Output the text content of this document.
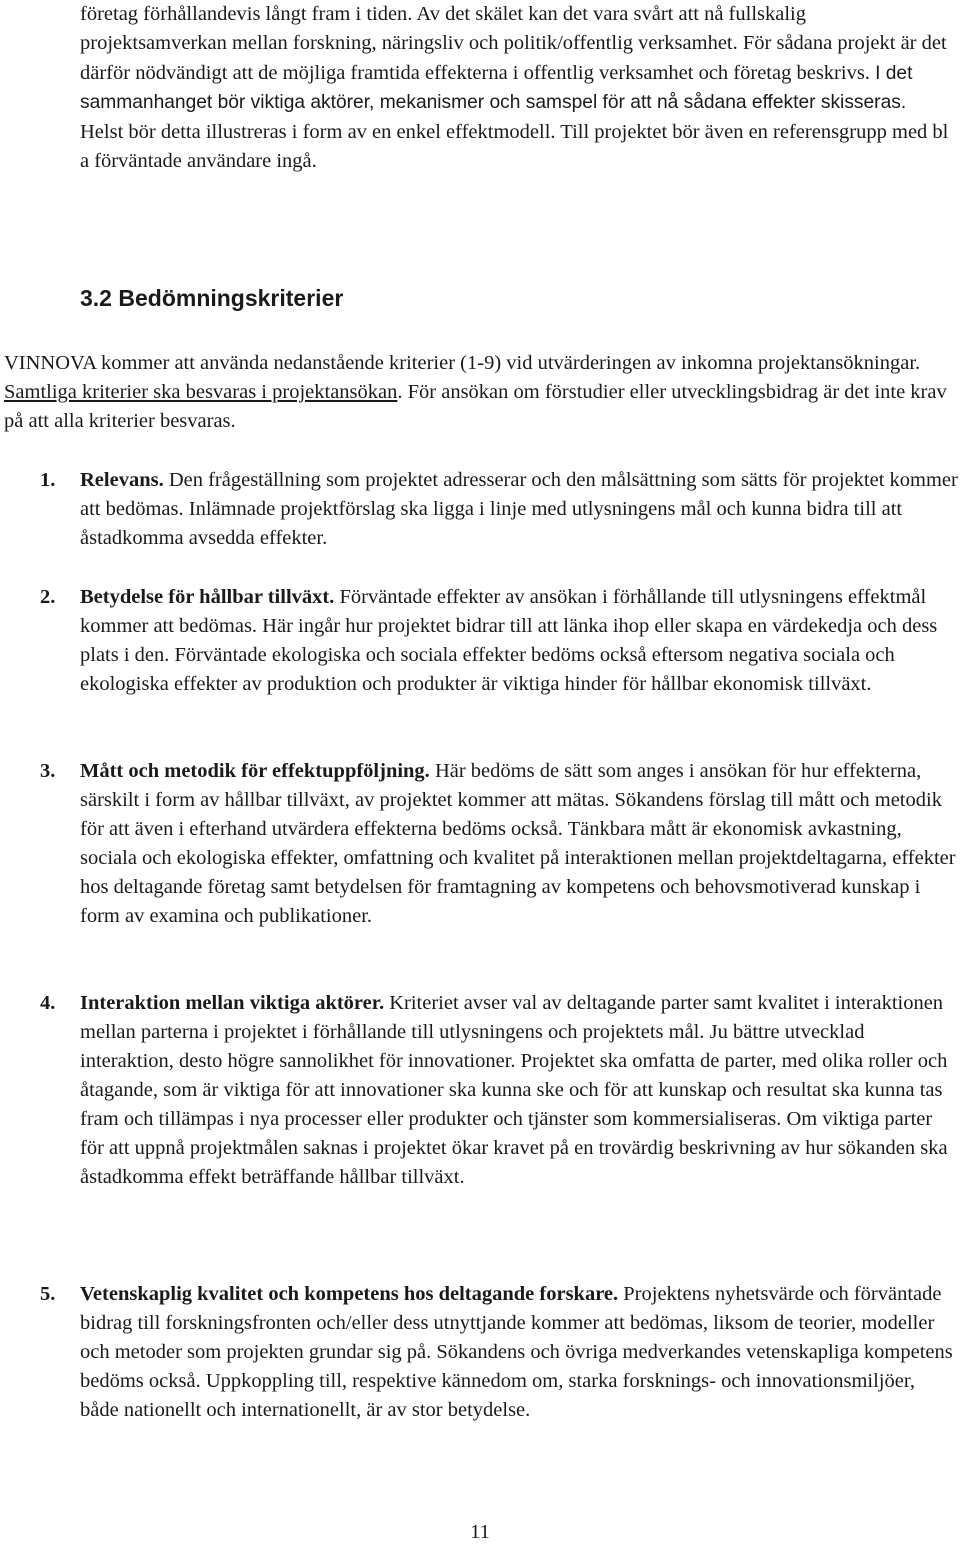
företag förhållandevis långt fram i tiden. Av det skälet kan det vara svårt att nå fullskalig projektsamverkan mellan forskning, näringsliv och politik/offentlig verksamhet. För sådana projekt är det därför nödvändigt att de möjliga framtida effekterna i offentlig verksamhet och företag beskrivs. I det sammanhanget bör viktiga aktörer, mekanismer och samspel för att nå sådana effekter skisseras. Helst bör detta illustreras i form av en enkel effektmodell. Till projektet bör även en referensgrupp med bl a förväntade användare ingå.

3.2 Bedömningskriterier

VINNOVA kommer att använda nedanstående kriterier (1-9) vid utvärderingen av inkomna projektansökningar. Samtliga kriterier ska besvaras i projektansökan. För ansökan om förstudier eller utvecklingsbidrag är det inte krav på att alla kriterier besvaras.

1. Relevans. Den frågeställning som projektet adresserar och den målsättning som sätts för projektet kommer att bedömas. Inlämnade projektförslag ska ligga i linje med utlysningens mål och kunna bidra till att åstadkomma avsedda effekter.

2. Betydelse för hållbar tillväxt. Förväntade effekter av ansökan i förhållande till utlysningens effektmål kommer att bedömas. Här ingår hur projektet bidrar till att länka ihop eller skapa en värdekedja och dess plats i den. Förväntade ekologiska och sociala effekter bedöms också eftersom negativa sociala och ekologiska effekter av produktion och produkter är viktiga hinder för hållbar ekonomisk tillväxt.

3. Mått och metodik för effektuppföljning. Här bedöms de sätt som anges i ansökan för hur effekterna, särskilt i form av hållbar tillväxt, av projektet kommer att mätas. Sökandens förslag till mått och metodik för att även i efterhand utvärdera effekterna bedöms också. Tänkbara mått är ekonomisk avkastning, sociala och ekologiska effekter, omfattning och kvalitet på interaktionen mellan projektdeltagarna, effekter hos deltagande företag samt betydelsen för framtagning av kompetens och behovsmotiverad kunskap i form av examina och publikationer.

4. Interaktion mellan viktiga aktörer. Kriteriet avser val av deltagande parter samt kvalitet i interaktionen mellan parterna i projektet i förhållande till utlysningens och projektets mål. Ju bättre utvecklad interaktion, desto högre sannolikhet för innovationer. Projektet ska omfatta de parter, med olika roller och åtagande, som är viktiga för att innovationer ska kunna ske och för att kunskap och resultat ska kunna tas fram och tillämpas i nya processer eller produkter och tjänster som kommersialiseras. Om viktiga parter för att uppnå projektmålen saknas i projektet ökar kravet på en trovärdig beskrivning av hur sökanden ska åstadkomma effekt beträffande hållbar tillväxt.

5. Vetenskaplig kvalitet och kompetens hos deltagande forskare. Projektens nyhetsvärde och förväntade bidrag till forskningsfronten och/eller dess utnyttjande kommer att bedömas, liksom de teorier, modeller och metoder som projekten grundar sig på. Sökandens och övriga medverkandes vetenskapliga kompetens bedöms också. Uppkoppling till, respektive kännedom om, starka forsknings- och innovationsmiljöer, både nationellt och internationellt, är av stor betydelse.

11
